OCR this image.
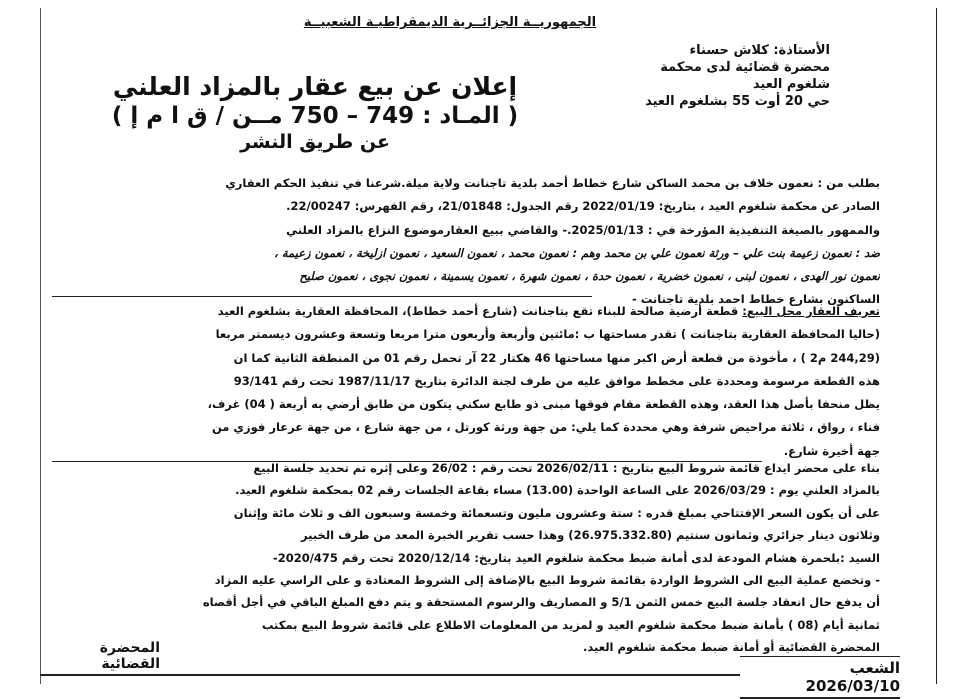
الجمهوريــة الجزائــرية الديمقراطيـة الشعبيــة
الأستاذة: كلاش حسناء
محضرة قضائية لدى محكمة
شلغوم العيد
حي 20 أوت 55 بشلغوم العيد
إعلان عن بيع عقار بالمزاد العلني
( المـاد : 749 – 750 مــن / ق ا م إ )
عن طريق النشر
بطلب من : نعمون خلاف بن محمد الساكن شارع خطاط أحمد بلدية تاجنانت ولاية ميلة.شرعنا في تنفيذ الحكم العقاري
الصادر عن محكمة شلغوم العيد ، بتاريخ: 2022/01/19 رقم الجدول: 21/01848، رقم الفهرس: 22/00247.
والممهور بالصيغة التنفيذية المؤرخة في : 2025/01/13.- والقاضي ببيع العقارموضوع النزاع بالمزاد العلني
ضد : نعمون زعيمة بنت علي – ورثة نعمون علي بن محمد وهم : نعمون محمد ، نعمون السعيد ، نعمون ازليخة ، نعمون زعيمة ،
نعمون نور الهدى ، نعمون لبنى ، نعمون خضرية ، نعمون حدة ، نعمون شهرة ، نعمون يسمينة ، نعمون نجوى ، نعمون صليح
الساكنون بشارع خطاط احمد بلدية تاجنانت -
تعريف العقار محل البيع: قطعة أرضية صالحة للبناء تقع بتاجنانت (شارع أحمد خطاط)، المحافظة العقارية بشلغوم العيد
(حاليا المحافظة العقارية بتاجنانت ) تقدر مساحتها ب :مائتين وأربعة وأربعون مترا مربعا وتسعة وعشرون ديسمتر مربعا
(244,29 م2 ) ، مأخوذة من قطعة أرض اكبر منها مساحتها 46 هكتار 22 آر تحمل رقم 01 من المنطقة الثانية كما ان
هذه القطعة مرسومة ومحددة على مخطط موافق عليه من طرف لجنة الدائرة بتاريخ 1987/11/17 تحت رقم 93/141
يظل منحفا بأصل هذا العقد، وهذه القطعة مقام فوقها مبنى ذو طابع سكني يتكون من طابق أرضي به أربعة ( 04) غرف،
فناء ، رواق ، ثلاثة مراحيض شرفة وهي محددة كما يلي: من جهة ورثة كورتل ، من جهة شارع ، من جهة عرعار فوزي من
جهة أخيرة شارع.
بناء على محضر ايداع قائمة شروط البيع بتاريخ : 2026/02/11 تحت رقم : 26/02 وعلى إثره تم تحديد جلسة البيع
بالمزاد العلني يوم : 2026/03/29 على الساعة الواحدة (13.00) مساء بقاعة الجلسات رقم 02 بمحكمة شلغوم العيد.
على أن يكون السعر الإفتتاحي بمبلغ قدره : ستة وعشرون مليون وتسعمائة وخمسة وسبعون الف و ثلاث مائة وإثنان
وثلاثون دينار جزائري وثمانون سنتيم (26.975.332.80) وهذا حسب تقرير الخبرة المعد من طرف الخبير
السيد :بلحمرة هشام المودعة لدى أمانة ضبط محكمة شلغوم العيد بتاريخ: 2020/12/14 تحت رقم 2020/475-
- وتخضع عملية البيع الى الشروط الواردة بقائمة شروط البيع بالإضافة إلى الشروط المعتادة و على الراسي عليه المزاد
أن يدفع حال انعقاد جلسة البيع خمس الثمن 5/1 و المصاريف والرسوم المستحقة و يتم دفع المبلغ الباقي في أجل أقصاه
ثمانية أيام (08 ) بأمانة ضبط محكمة شلغوم العيد و لمزيد من المعلومات الاطلاع على قائمة شروط البيع بمكتب
المحضرة القضائية أو أمانة ضبط محكمة شلغوم العيد.
المحضرة القضائية	الشعب 2026/03/10
